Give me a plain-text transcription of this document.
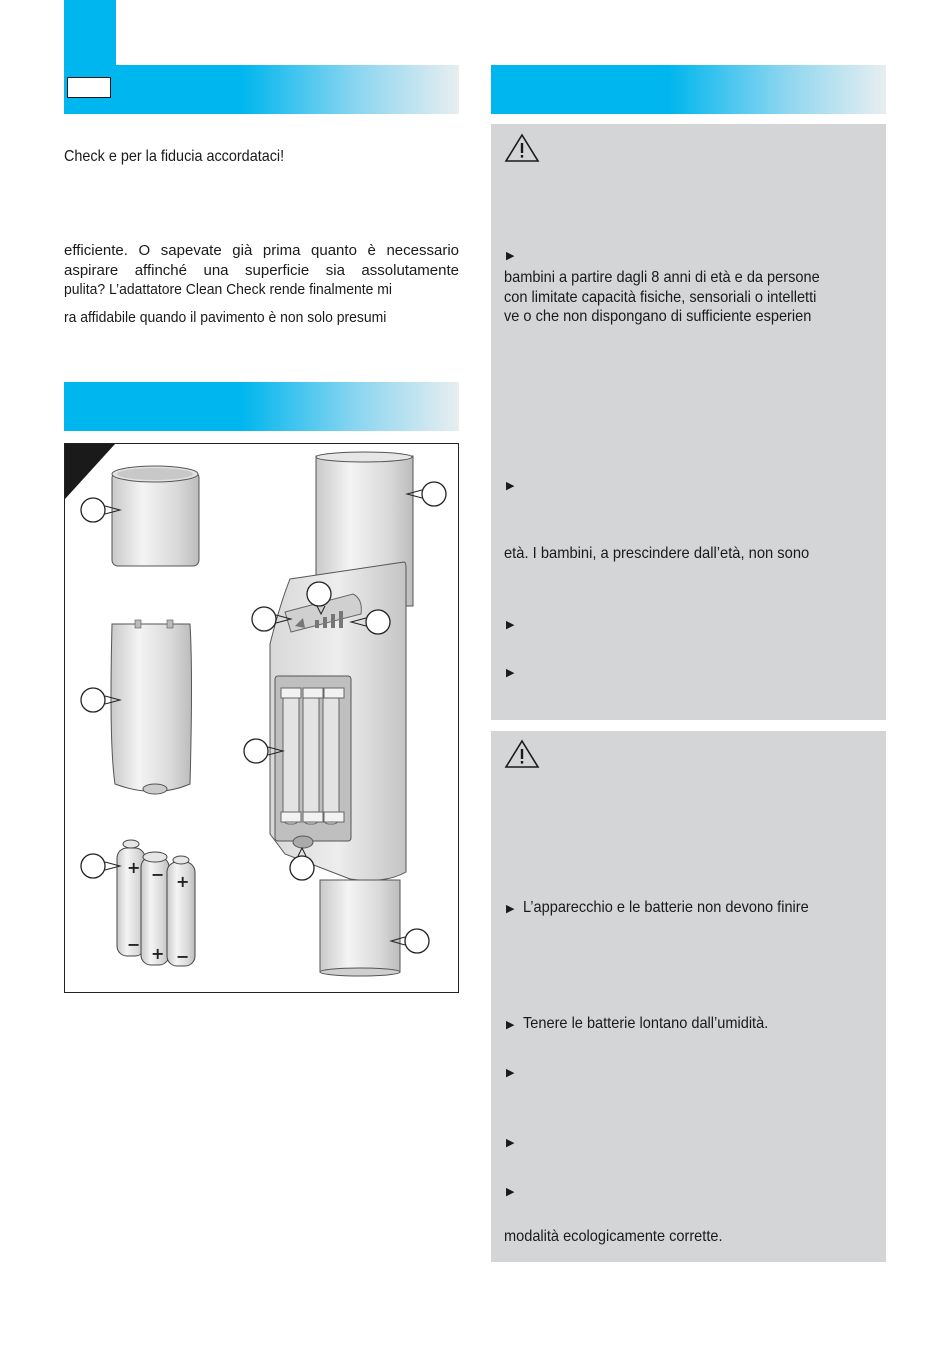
Check e per la fiducia accordataci!
efficiente. O sapevate già prima quanto è necessario
aspirare affinché una superficie sia assolutamente
pulita? L’adattatore Clean Check rende finalmente mi
ra affidabile quando il pavimento è non solo presumi
+
−
−
+
+
−
▶
bambini a partire dagli 8 anni di età e da persone
con limitate capacità fisiche, sensoriali o intelletti
ve o che non dispongano di sufficiente esperien
▶
età. I bambini, a prescindere dall’età, non sono
▶
▶
▶ L’apparecchio e le batterie non devono finire
▶ Tenere le batterie lontano dall’umidità.
▶
▶
▶
modalità ecologicamente corrette.
